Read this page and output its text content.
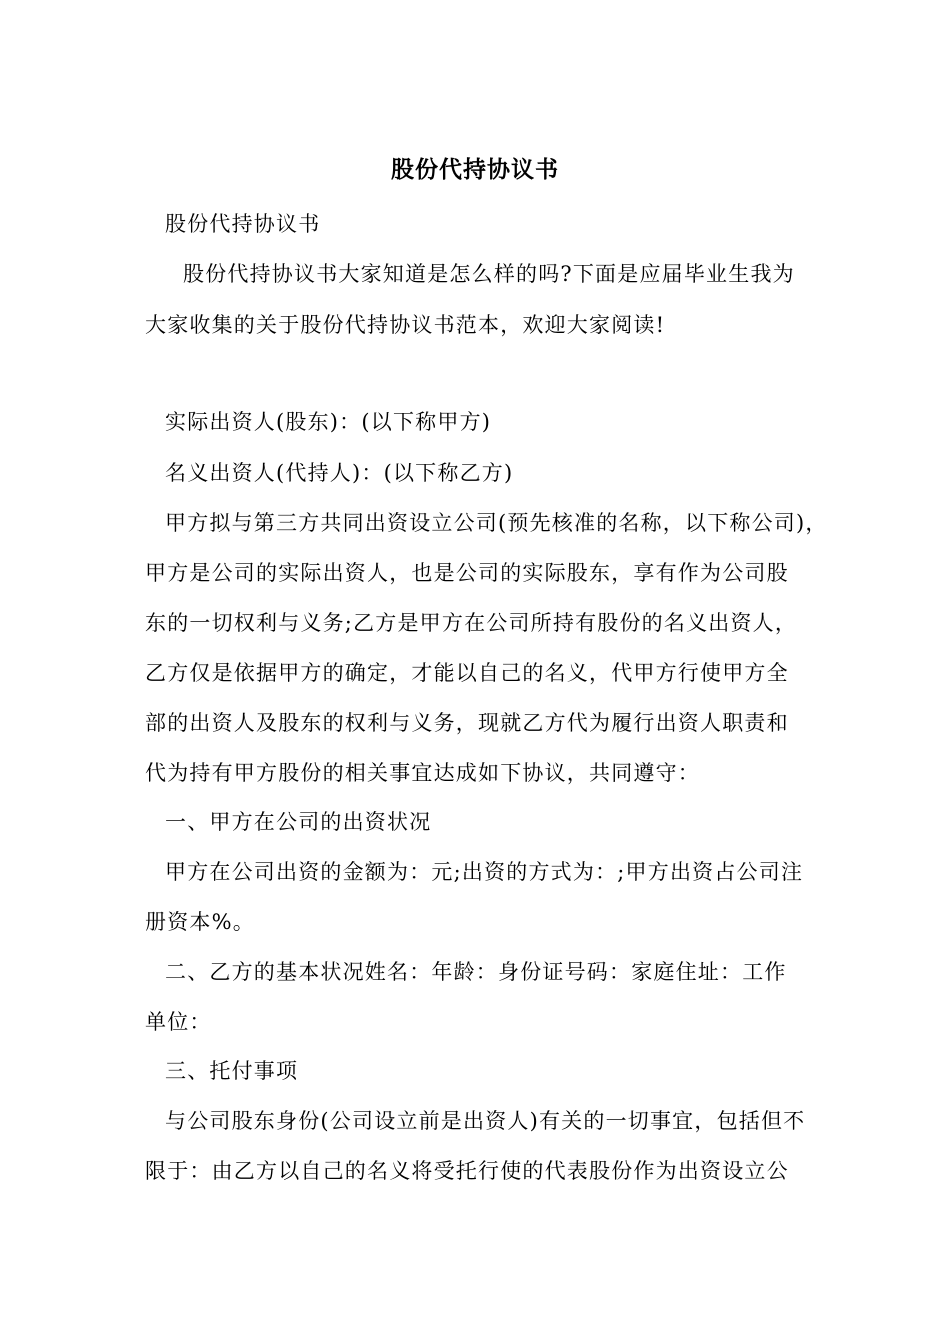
股份代持协议书
股份代持协议书
股份代持协议书大家知道是怎么样的吗?下面是应届毕业生我为
大家收集的关于股份代持协议书范本，欢迎大家阅读!
实际出资人(股东)：(以下称甲方)
名义出资人(代持人)：(以下称乙方)
甲方拟与第三方共同出资设立公司(预先核准的名称，以下称公司)，
甲方是公司的实际出资人，也是公司的实际股东，享有作为公司股
东的一切权利与义务;乙方是甲方在公司所持有股份的名义出资人，
乙方仅是依据甲方的确定，才能以自己的名义，代甲方行使甲方全
部的出资人及股东的权利与义务，现就乙方代为履行出资人职责和
代为持有甲方股份的相关事宜达成如下协议，共同遵守：
一、甲方在公司的出资状况
甲方在公司出资的金额为：元;出资的方式为：;甲方出资占公司注
册资本%。
二、乙方的基本状况姓名：年龄：身份证号码：家庭住址：工作
单位：
三、托付事项
与公司股东身份(公司设立前是出资人)有关的一切事宜，包括但不
限于：由乙方以自己的名义将受托行使的代表股份作为出资设立公
